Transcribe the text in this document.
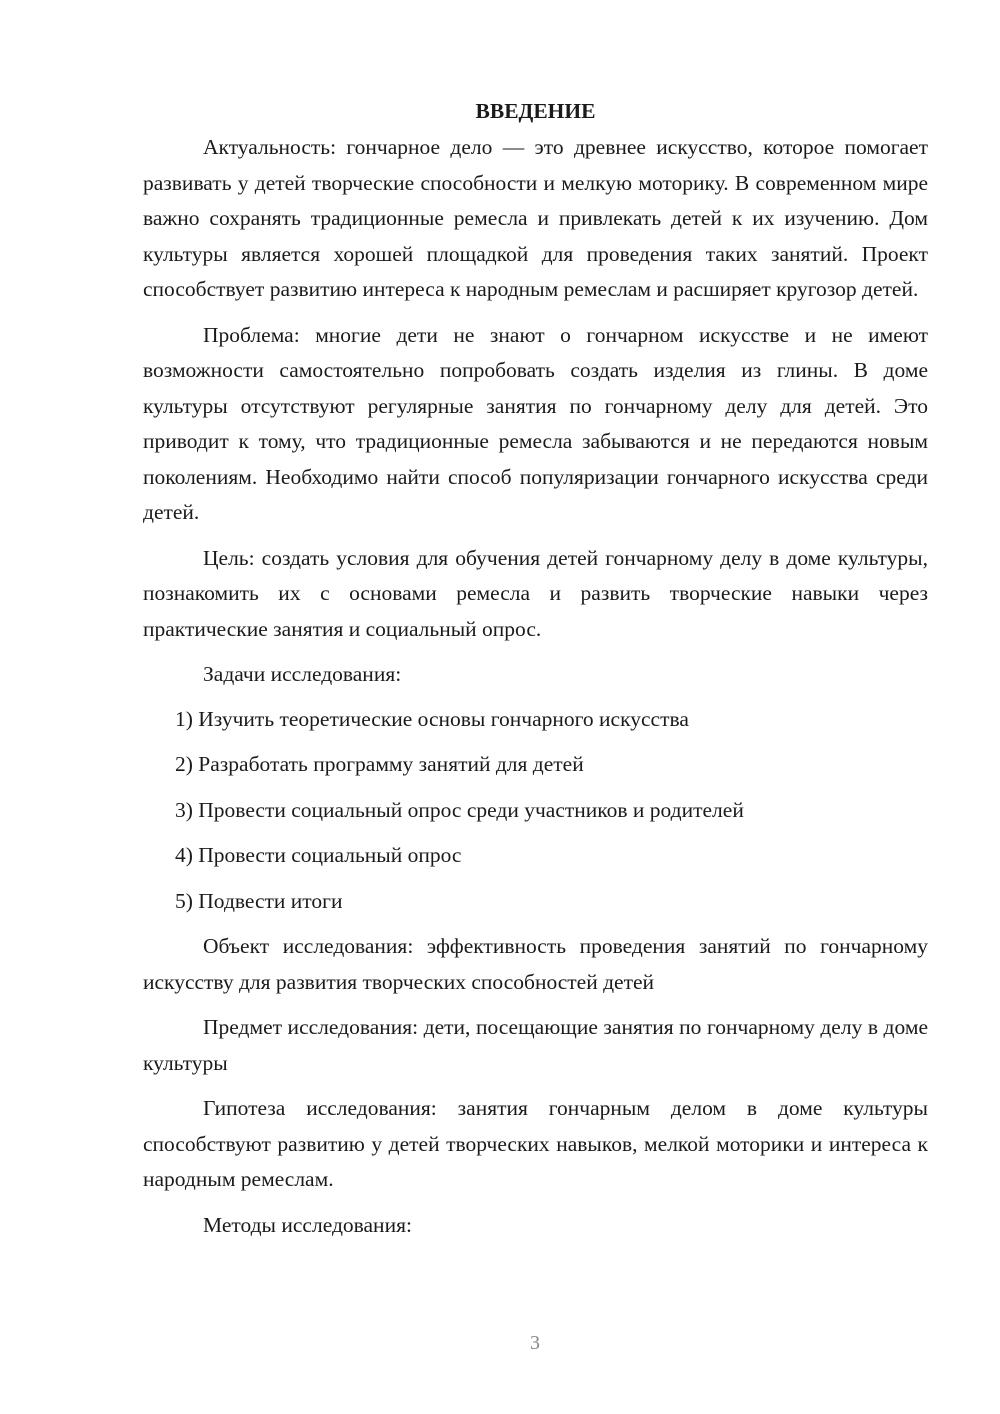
ВВЕДЕНИЕ

Актуальность: гончарное дело — это древнее искусство, которое помогает развивать у детей творческие способности и мелкую моторику. В современном мире важно сохранять традиционные ремесла и привлекать детей к их изучению. Дом культуры является хорошей площадкой для проведения таких занятий. Проект способствует развитию интереса к народным ремеслам и расширяет кругозор детей.

Проблема: многие дети не знают о гончарном искусстве и не имеют возможности самостоятельно попробовать создать изделия из глины. В доме культуры отсутствуют регулярные занятия по гончарному делу для детей. Это приводит к тому, что традиционные ремесла забываются и не передаются новым поколениям. Необходимо найти способ популяризации гончарного искусства среди детей.

Цель: создать условия для обучения детей гончарному делу в доме культуры, познакомить их с основами ремесла и развить творческие навыки через практические занятия и социальный опрос.

Задачи исследования:
1) Изучить теоретические основы гончарного искусства
2) Разработать программу занятий для детей
3) Провести социальный опрос среди участников и родителей
4) Провести социальный опрос
5) Подвести итоги

Объект исследования: эффективность проведения занятий по гончарному искусству для развития творческих способностей детей

Предмет исследования: дети, посещающие занятия по гончарному делу в доме культуры

Гипотеза исследования: занятия гончарным делом в доме культуры способствуют развитию у детей творческих навыков, мелкой моторики и интереса к народным ремеслам.

Методы исследования:
3
